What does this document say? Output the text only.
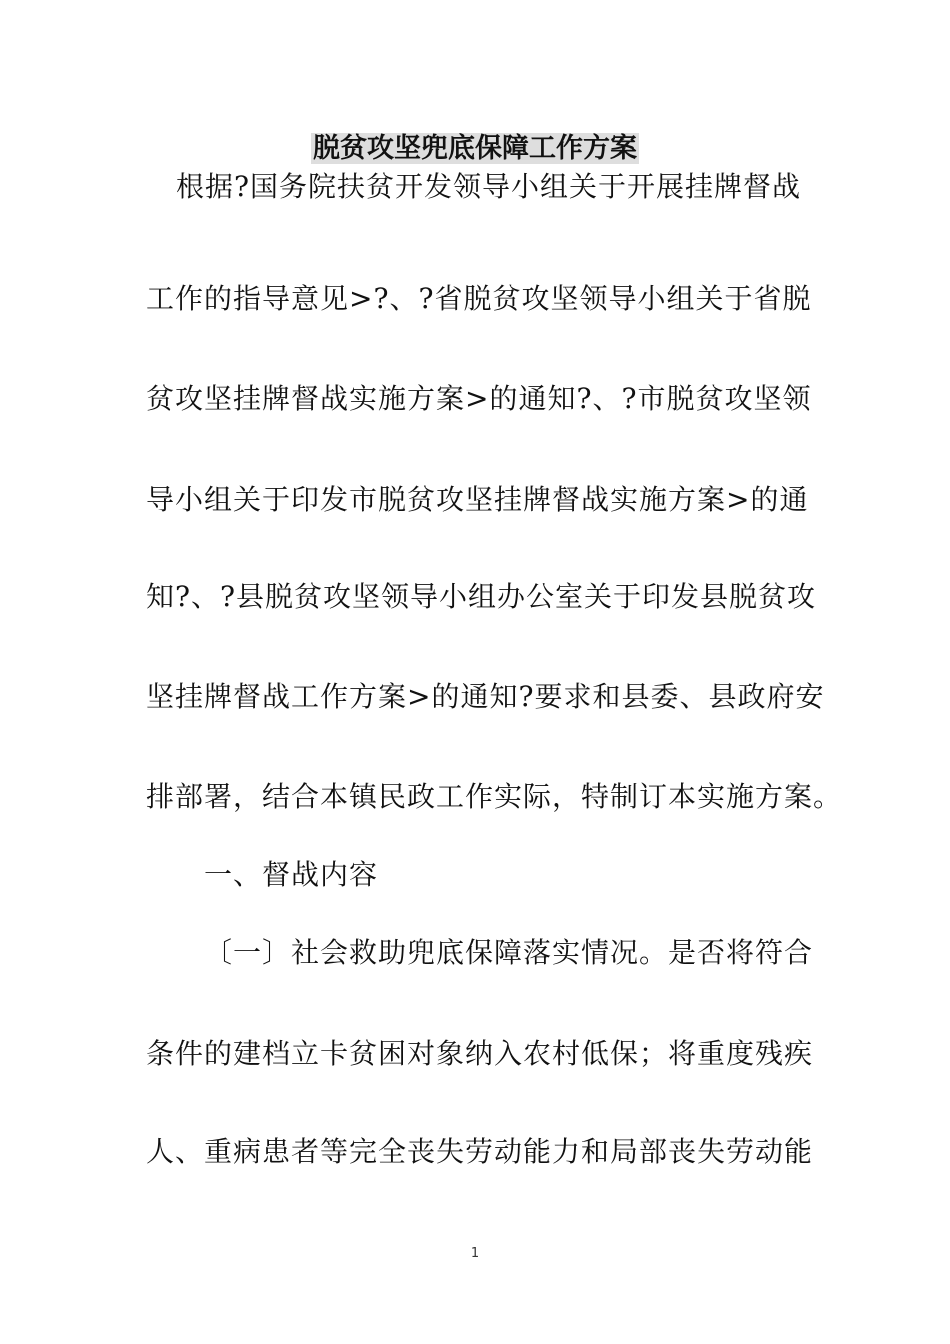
脱贫攻坚兜底保障工作方案

根据?国务院扶贫开发领导小组关于开展挂牌督战

工作的指导意见>?、?省脱贫攻坚领导小组关于省脱

贫攻坚挂牌督战实施方案>的通知?、?市脱贫攻坚领

导小组关于印发市脱贫攻坚挂牌督战实施方案>的通

知?、?县脱贫攻坚领导小组办公室关于印发县脱贫攻

坚挂牌督战工作方案>的通知?要求和县委、县政府安

排部署，结合本镇民政工作实际，特制订本实施方案。

一、督战内容

〔一〕社会救助兜底保障落实情况。是否将符合

条件的建档立卡贫困对象纳入农村低保；将重度残疾

人、重病患者等完全丧失劳动能力和局部丧失劳动能

1
